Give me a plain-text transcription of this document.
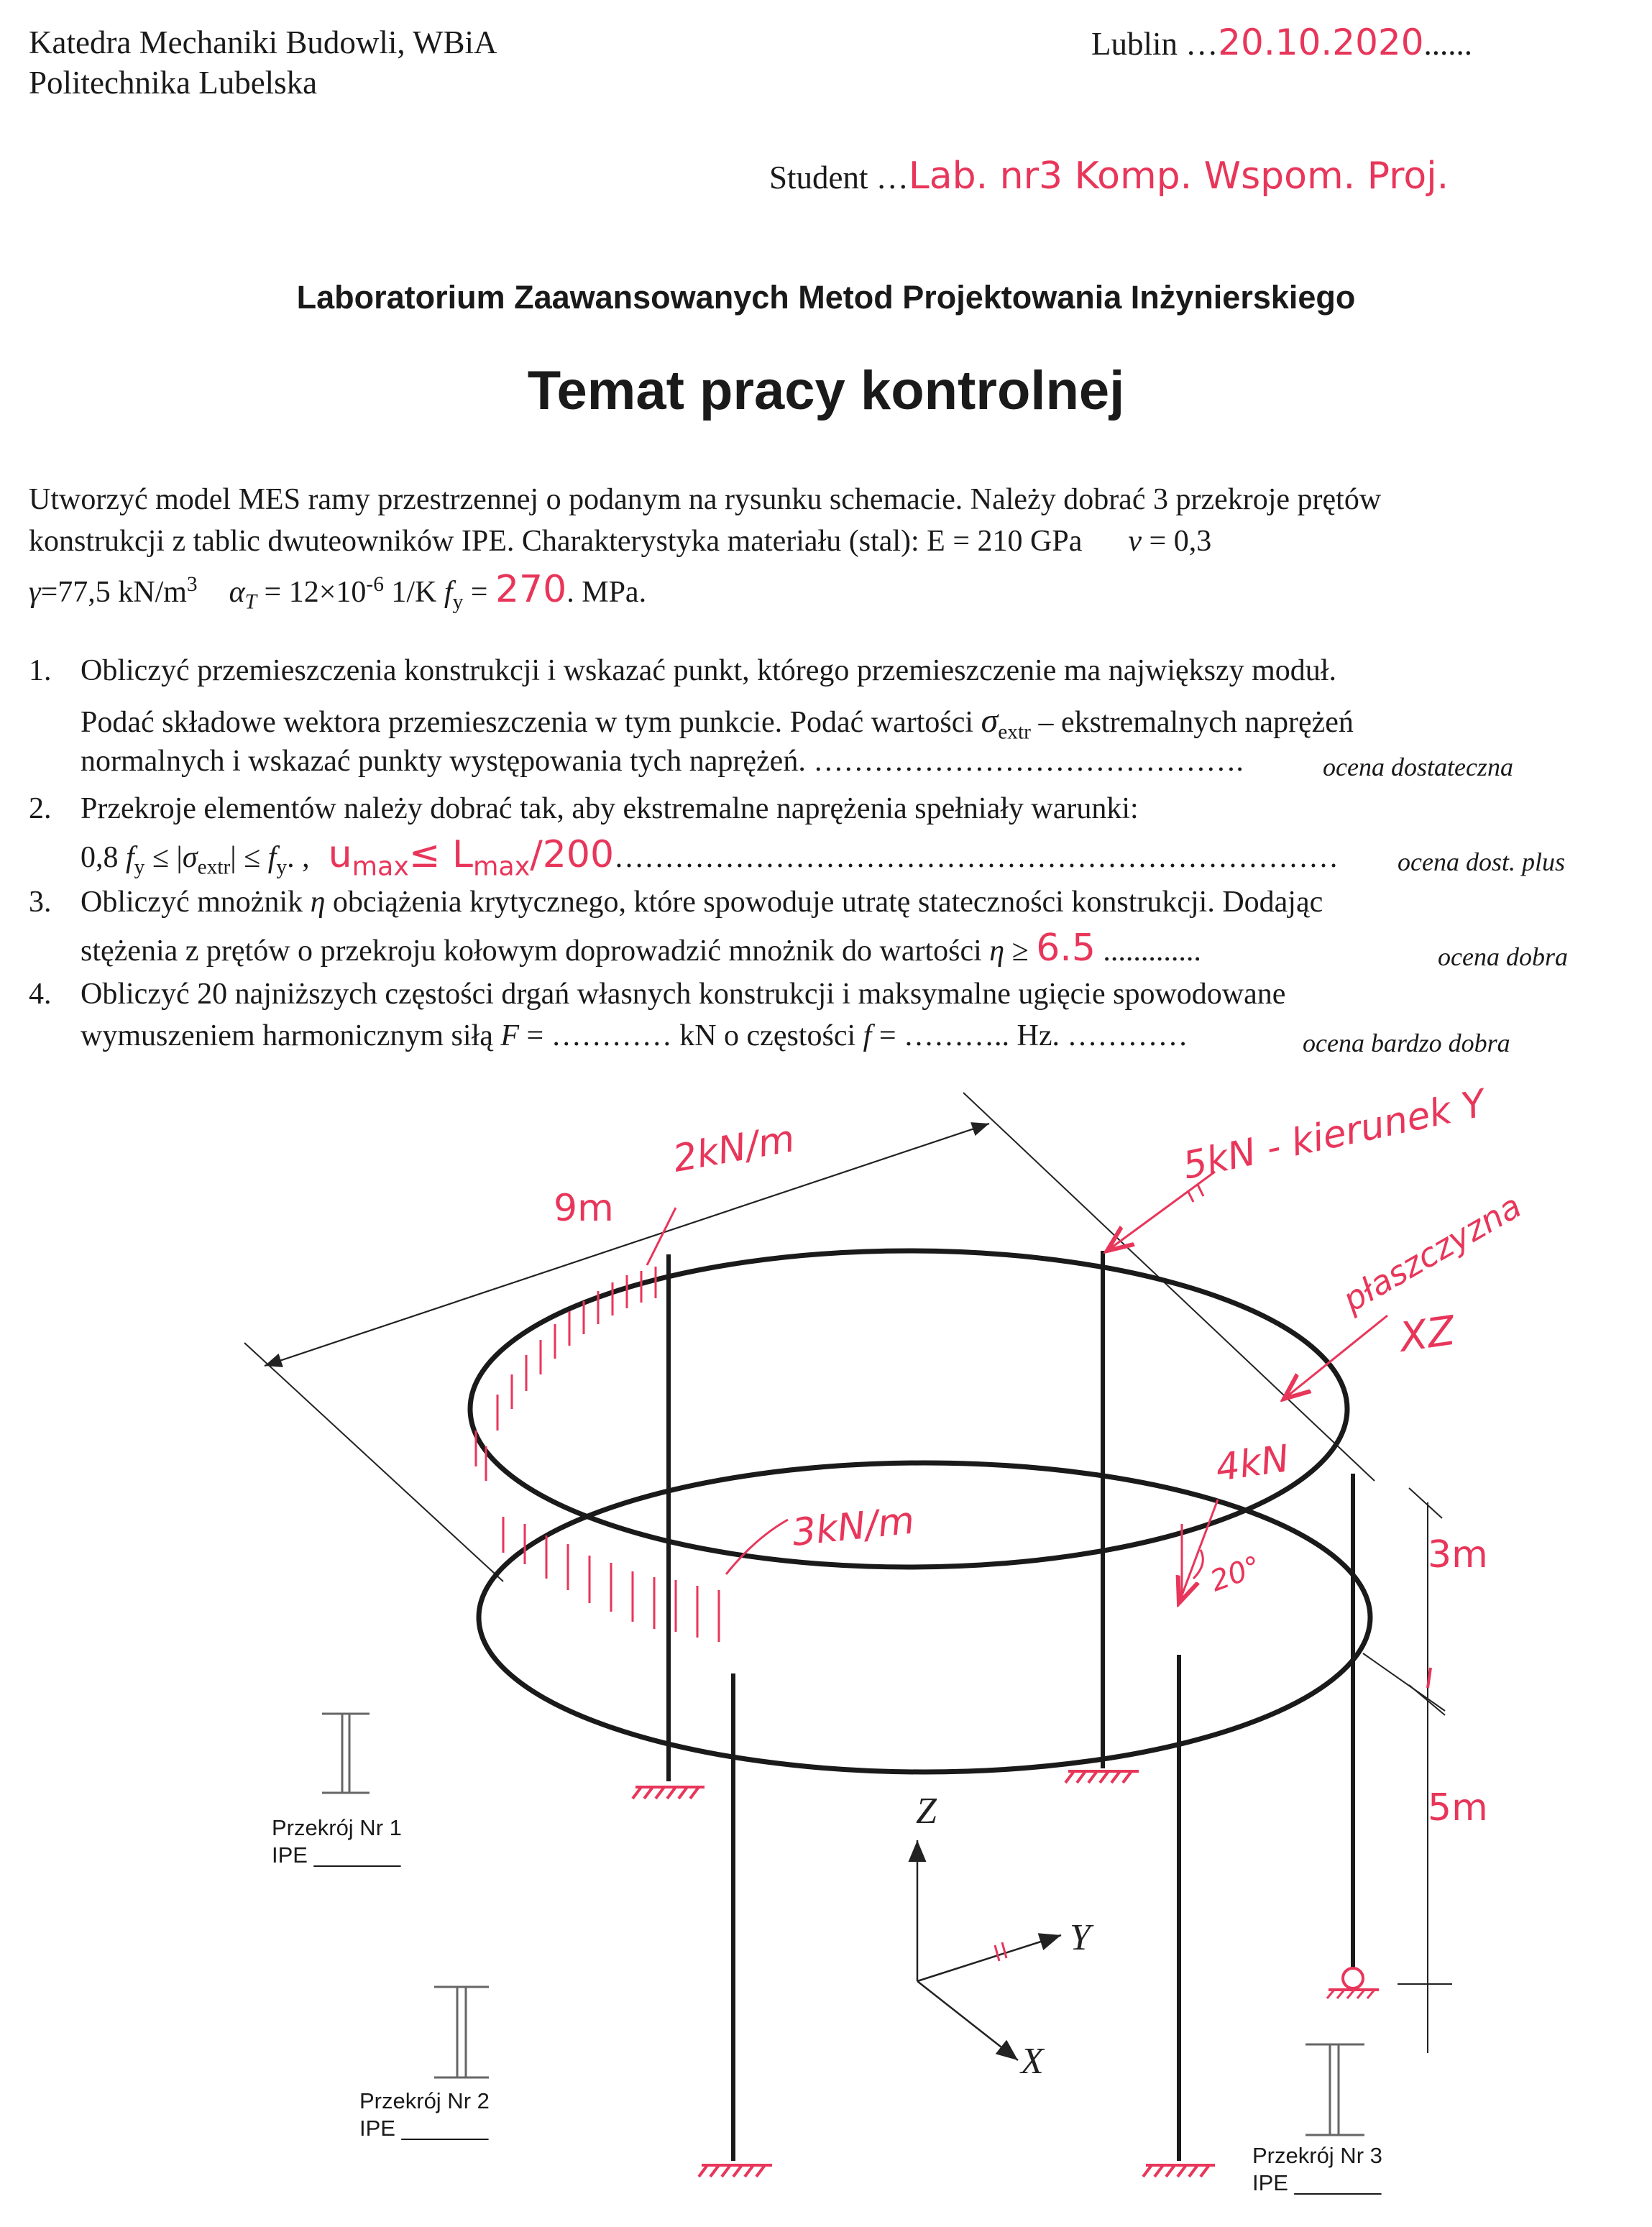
Katedra Mechaniki Budowli, WBiA
Politechnika Lubelska
Lublin …20.10.2020......
Student …Lab. nr3 Komp. Wspom. Proj.
Laboratorium Zaawansowanych Metod Projektowania Inżynierskiego
Temat pracy kontrolnej
Utworzyć model MES ramy przestrzennej o podanym na rysunku schemacie. Należy dobrać 3 przekroje prętów
konstrukcji z tablic dwuteowników IPE. Charakterystyka materiału (stal): E = 210 GPa ν = 0,3
γ=77,5 $kN/m^3$ $\alpha_T = 12\times 10^{-6}$ 1/K $f_y = 270$. MPa.
1. Obliczyć przemieszczenia konstrukcji i wskazać punkt, którego przemieszczenie ma największy moduł.
Podać składowe wektora przemieszczenia w tym punkcie. Podać wartości $\sigma_{extr}$ – ekstremalnych naprężeń
normalnych i wskazać punkty występowania tych naprężeń. …………………………………….	ocena dostateczna
2. Przekroje elementów należy dobrać tak, aby ekstremalne naprężenia spełniały warunki:
0,8 $f_y \le |\sigma_{extr}| \le f_y$. , $u_{max}\le$ $L_{max}/200\dots\dots\dots\dots\dots\dots\dots\dots\dots\dots\dots\dots\dots\dots\dots\dots\dots\dots\dots\dots\dots\dots\dots\dots$ ocena dost. plus
3. Obliczyć mnożnik η obciążenia krytycznego, które spowoduje utratę stateczności konstrukcji. Dodając
stężenia z prętów o przekroju kołowym doprowadzić mnożnik do wartości η ≥ 6.5 .............	ocena dobra
4. Obliczyć 20 najniższych częstości drgań własnych konstrukcji i maksymalne ugięcie spowodowane
wymuszeniem harmonicznym siłą F = ………… kN o częstości f = ……….. Hz. …………	ocena bardzo dobra
9m
2kN/m
3kN/m
5kN - kierunek Y
płaszczyzna
XZ
4kN
20°	3m
5m
Z
Y
X
Przekrój Nr 1
IPE _______
Przekrój Nr 2
IPE _______
Przekrój Nr 3
IPE _______
